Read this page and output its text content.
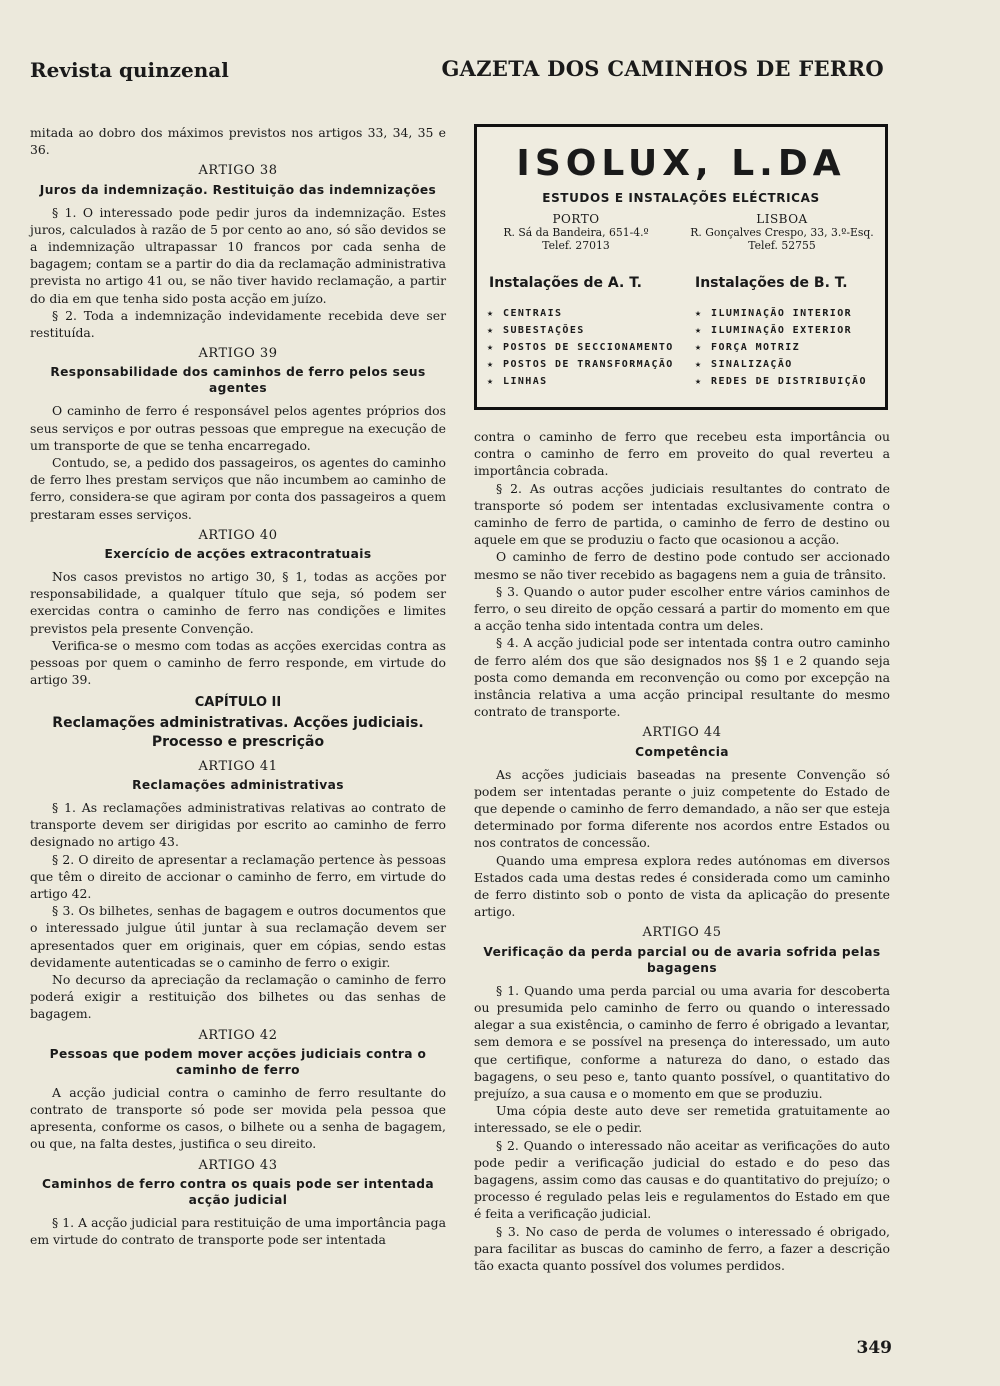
Revista quinzenal	GAZETA DOS CAMINHOS DE FERRO

mitada ao dobro dos máximos previstos nos artigos 33, 34, 35 e 36.

ARTIGO 38
Juros da indemnização. Restituição das indemnizações

§ 1. O interessado pode pedir juros da indemnização. Estes juros, calculados à razão de 5 por cento ao ano, só são devidos se a indemnização ultrapassar 10 francos por cada senha de bagagem; contam se a partir do dia da reclamação administrativa prevista no artigo 41 ou, se não tiver havido reclamação, a partir do dia em que tenha sido posta acção em juízo.

§ 2. Toda a indemnização indevidamente recebida deve ser restituída.

ARTIGO 39
Responsabilidade dos caminhos de ferro pelos seus agentes

O caminho de ferro é responsável pelos agentes próprios dos seus serviços e por outras pessoas que empregue na execução de um transporte de que se tenha encarregado.

Contudo, se, a pedido dos passageiros, os agentes do caminho de ferro lhes prestam serviços que não incumbem ao caminho de ferro, considera-se que agiram por conta dos passageiros a quem prestaram esses serviços.

ARTIGO 40
Exercício de acções extracontratuais

Nos casos previstos no artigo 30, § 1, todas as acções por responsabilidade, a qualquer título que seja, só podem ser exercidas contra o caminho de ferro nas condições e limites previstos pela presente Convenção.

Verifica-se o mesmo com todas as acções exercidas contra as pessoas por quem o caminho de ferro responde, em virtude do artigo 39.

CAPÍTULO II
Reclamações administrativas. Acções judiciais. Processo e prescrição
ARTIGO 41
Reclamações administrativas

§ 1. As reclamações administrativas relativas ao contrato de transporte devem ser dirigidas por escrito ao caminho de ferro designado no artigo 43.

§ 2. O direito de apresentar a reclamação pertence às pessoas que têm o direito de accionar o caminho de ferro, em virtude do artigo 42.

§ 3. Os bilhetes, senhas de bagagem e outros documentos que o interessado julgue útil juntar à sua reclamação devem ser apresentados quer em originais, quer em cópias, sendo estas devidamente autenticadas se o caminho de ferro o exigir.

No decurso da apreciação da reclamação o caminho de ferro poderá exigir a restituição dos bilhetes ou das senhas de bagagem.

ARTIGO 42
Pessoas que podem mover acções judiciais contra o caminho de ferro

A acção judicial contra o caminho de ferro resultante do contrato de transporte só pode ser movida pela pessoa que apresenta, conforme os casos, o bilhete ou a senha de bagagem, ou que, na falta destes, justifica o seu direito.

ARTIGO 43
Caminhos de ferro contra os quais pode ser intentada acção judicial

§ 1. A acção judicial para restituição de uma importância paga em virtude do contrato de transporte pode ser intentada

ISOLUX, L.DA
ESTUDOS E INSTALAÇÕES ELÉCTRICAS
PORTO
R. Sá da Bandeira, 651-4.º
Telef. 27013
LISBOA
R. Gonçalves Crespo, 33, 3.º-Esq.
Telef. 52755
Instalações de A. T.	Instalações de B. T.
★ CENTRAIS
★ SUBESTAÇÕES
★ POSTOS DE SECCIONAMENTO
★ POSTOS DE TRANSFORMAÇÃO
★ LINHAS
★ ILUMINAÇÃO INTERIOR
★ ILUMINAÇÃO EXTERIOR
★ FORÇA MOTRIZ
★ SINALIZAÇÃO
★ REDES DE DISTRIBUIÇÃO

contra o caminho de ferro que recebeu esta importância ou contra o caminho de ferro em proveito do qual reverteu a importância cobrada.

§ 2. As outras acções judiciais resultantes do contrato de transporte só podem ser intentadas exclusivamente contra o caminho de ferro de partida, o caminho de ferro de destino ou aquele em que se produziu o facto que ocasionou a acção.

O caminho de ferro de destino pode contudo ser accionado mesmo se não tiver recebido as bagagens nem a guia de trânsito.

§ 3. Quando o autor puder escolher entre vários caminhos de ferro, o seu direito de opção cessará a partir do momento em que a acção tenha sido intentada contra um deles.

§ 4. A acção judicial pode ser intentada contra outro caminho de ferro além dos que são designados nos §§ 1 e 2 quando seja posta como demanda em reconvenção ou como por excepção na instância relativa a uma acção principal resultante do mesmo contrato de transporte.

ARTIGO 44
Competência

As acções judiciais baseadas na presente Convenção só podem ser intentadas perante o juiz competente do Estado de que depende o caminho de ferro demandado, a não ser que esteja determinado por forma diferente nos acordos entre Estados ou nos contratos de concessão.

Quando uma empresa explora redes autónomas em diversos Estados cada uma destas redes é considerada como um caminho de ferro distinto sob o ponto de vista da aplicação do presente artigo.

ARTIGO 45
Verificação da perda parcial ou de avaria sofrida pelas bagagens

§ 1. Quando uma perda parcial ou uma avaria for descoberta ou presumida pelo caminho de ferro ou quando o interessado alegar a sua existência, o caminho de ferro é obrigado a levantar, sem demora e se possível na presença do interessado, um auto que certifique, conforme a natureza do dano, o estado das bagagens, o seu peso e, tanto quanto possível, o quantitativo do prejuízo, a sua causa e o momento em que se produziu.

Uma cópia deste auto deve ser remetida gratuitamente ao interessado, se ele o pedir.

§ 2. Quando o interessado não aceitar as verificações do auto pode pedir a verificação judicial do estado e do peso das bagagens, assim como das causas e do quantitativo do prejuízo; o processo é regulado pelas leis e regulamentos do Estado em que é feita a verificação judicial.

§ 3. No caso de perda de volumes o interessado é obrigado, para facilitar as buscas do caminho de ferro, a fazer a descrição tão exacta quanto possível dos volumes perdidos.

349
